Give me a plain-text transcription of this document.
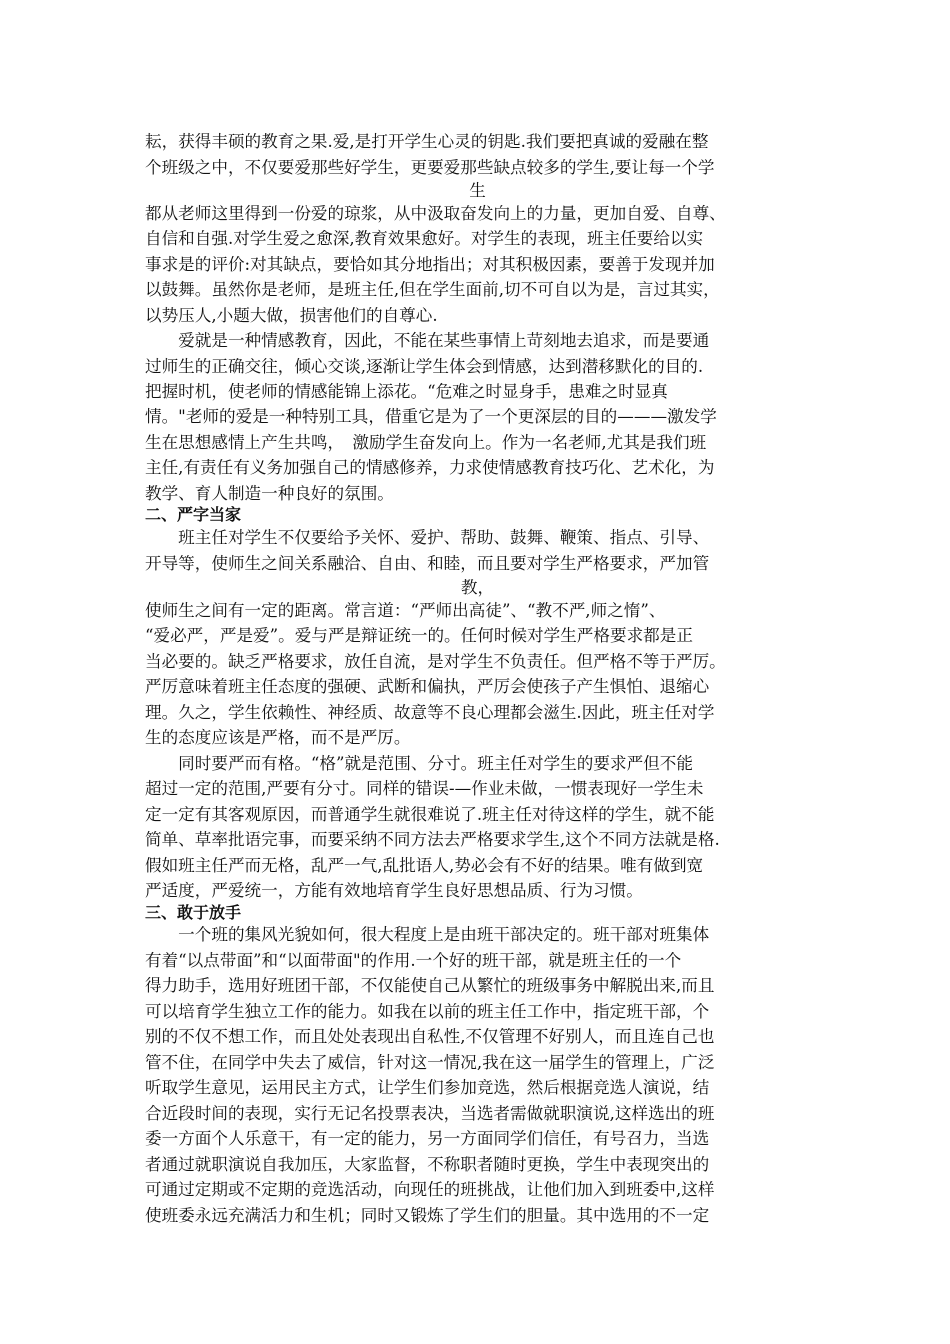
耘，获得丰硕的教育之果.爱,是打开学生心灵的钥匙.我们要把真诚的爱融在整
个班级之中，不仅要爱那些好学生，更要爱那些缺点较多的学生,要让每一个学
生
都从老师这里得到一份爱的琼浆，从中汲取奋发向上的力量，更加自爱、自尊、
自信和自强.对学生爱之愈深,教育效果愈好。对学生的表现，班主任要给以实
事求是的评价:对其缺点，要恰如其分地指出；对其积极因素，要善于发现并加
以鼓舞。虽然你是老师，是班主任,但在学生面前,切不可自以为是，言过其实，
以势压人,小题大做，损害他们的自尊心.
　　爱就是一种情感教育，因此，不能在某些事情上苛刻地去追求，而是要通
过师生的正确交往，倾心交谈,逐渐让学生体会到情感，达到潜移默化的目的.
把握时机，使老师的情感能锦上添花。“危难之时显身手，患难之时显真
情。"老师的爱是一种特别工具，借重它是为了一个更深层的目的———激发学
生在思想感情上产生共鸣，　激励学生奋发向上。作为一名老师,尤其是我们班
主任,有责任有义务加强自己的情感修养，力求使情感教育技巧化、艺术化，为
教学、育人制造一种良好的氛围。
二、严字当家
　　班主任对学生不仅要给予关怀、爱护、帮助、鼓舞、鞭策、指点、引导、
开导等，使师生之间关系融洽、自由、和睦，而且要对学生严格要求，严加管
教，
使师生之间有一定的距离。常言道：“严师出高徒”、“教不严,师之惰”、
“爱必严，严是爱”。爱与严是辩证统一的。任何时候对学生严格要求都是正
当必要的。缺乏严格要求，放任自流，是对学生不负责任。但严格不等于严厉。
严厉意味着班主任态度的强硬、武断和偏执，严厉会使孩子产生惧怕、退缩心
理。久之，学生依赖性、神经质、故意等不良心理都会滋生.因此，班主任对学
生的态度应该是严格，而不是严厉。
　　同时要严而有格。“格”就是范围、分寸。班主任对学生的要求严但不能
超过一定的范围,严要有分寸。同样的错误-—作业未做，一惯表现好一学生未
定一定有其客观原因，而普通学生就很难说了.班主任对待这样的学生，就不能
简单、草率批语完事，而要采纳不同方法去严格要求学生,这个不同方法就是格.
假如班主任严而无格，乱严一气,乱批语人,势必会有不好的结果。唯有做到宽
严适度，严爱统一，方能有效地培育学生良好思想品质、行为习惯。
三、敢于放手
　　一个班的集风光貌如何，很大程度上是由班干部决定的。班干部对班集体
有着“以点带面”和“以面带面"的作用.一个好的班干部，就是班主任的一个
得力助手，选用好班团干部，不仅能使自己从繁忙的班级事务中解脱出来,而且
可以培育学生独立工作的能力。如我在以前的班主任工作中，指定班干部，个
别的不仅不想工作，而且处处表现出自私性,不仅管理不好别人，而且连自己也
管不住，在同学中失去了威信，针对这一情况,我在这一届学生的管理上，广泛
听取学生意见，运用民主方式，让学生们参加竞选，然后根据竞选人演说，结
合近段时间的表现，实行无记名投票表决，当选者需做就职演说,这样选出的班
委一方面个人乐意干，有一定的能力，另一方面同学们信任，有号召力，当选
者通过就职演说自我加压，大家监督，不称职者随时更换，学生中表现突出的
可通过定期或不定期的竞选活动，向现任的班挑战，让他们加入到班委中,这样
使班委永远充满活力和生机；同时又锻炼了学生们的胆量。其中选用的不一定
